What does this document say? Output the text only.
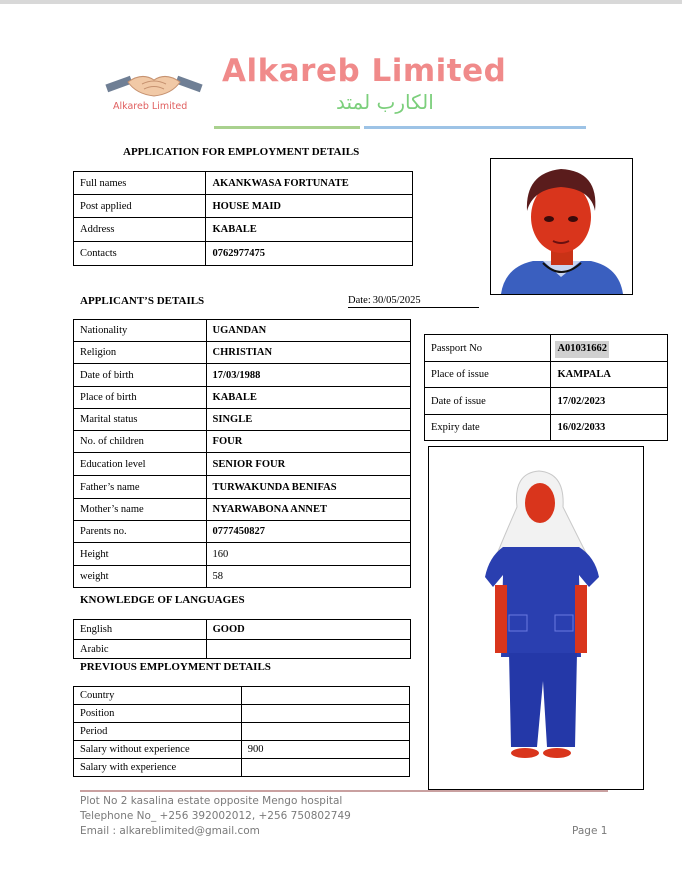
Alkareb Limited
Alkareb Limited
الكارب لمتد
APPLICATION FOR EMPLOYMENT DETAILS
Full names	AKANKWASA FORTUNATE
Post applied	HOUSE MAID
Address	KABALE
Contacts	0762977475
APPLICANT’S DETAILS	Date: 30/05/2025
Nationality	UGANDAN
Religion	CHRISTIAN
Date of birth	17/03/1988
Place of birth	KABALE
Marital status	SINGLE
No. of children	FOUR
Education level	SENIOR FOUR
Father’s name	TURWAKUNDA BENIFAS
Mother’s name	NYARWABONA ANNET
Parents no.	0777450827
Height	160
weight	58
Passport No	A01031662
Place of issue	KAMPALA
Date of issue	17/02/2023
Expiry date	16/02/2033
KNOWLEDGE OF LANGUAGES
English	GOOD
Arabic	
PREVIOUS EMPLOYMENT DETAILS
Country	
Position	
Period	
Salary without experience	900
Salary with experience	
Plot No 2 kasalina estate opposite Mengo hospital
Telephone No_ +256 392002012, +256 750802749
Email : alkareblimited@gmail.com	Page 1
